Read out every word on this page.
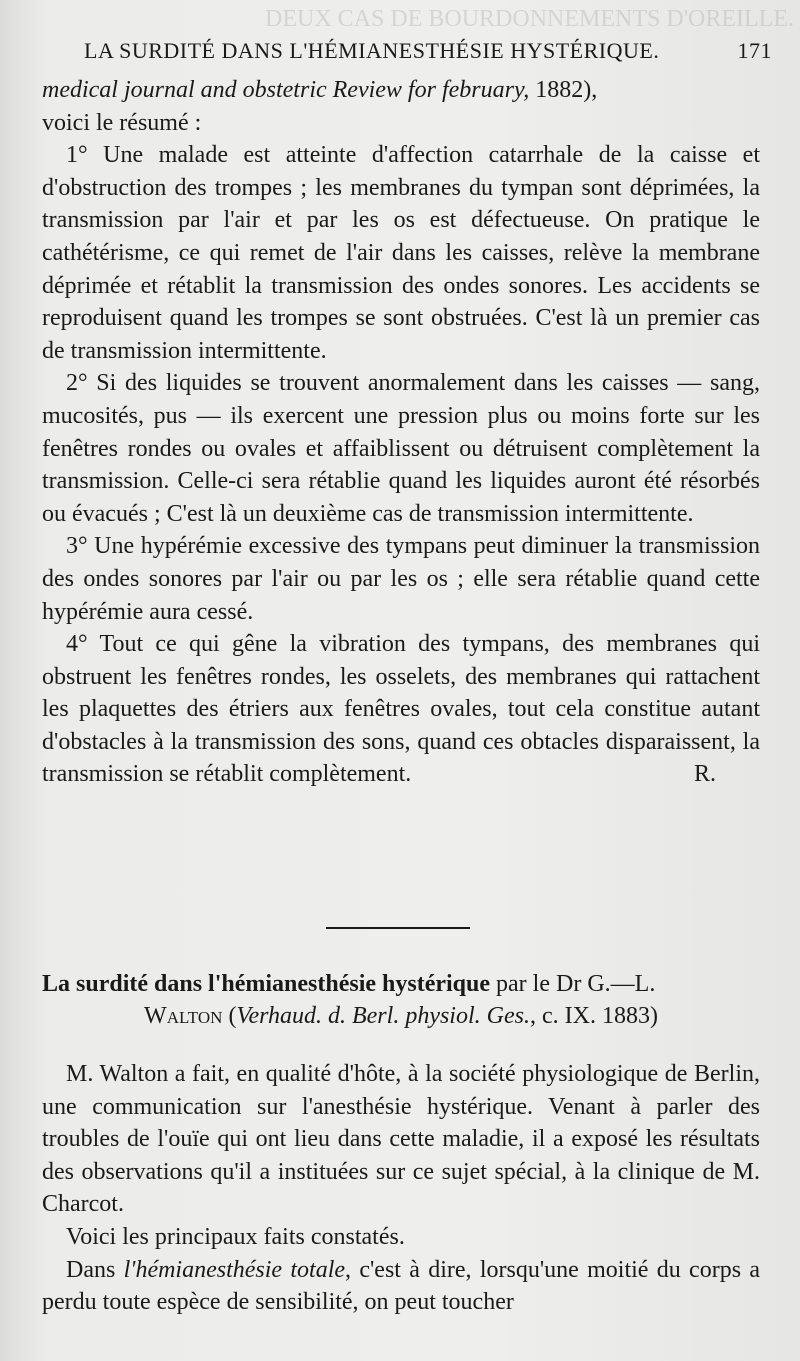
DEUX CAS DE BOURDONNEMENTS D'OREILLE.
LA SURDITÉ DANS L'HÉMIANESTHÉSIE HYSTÉRIQUE.	171

medical journal and obstetric Review for february, 1882),

voici le résumé :

1° Une malade est atteinte d'affection catarrhale de la caisse et d'obstruction des trompes ; les membranes du tympan sont déprimées, la transmission par l'air et par les os est défectueuse. On pratique le cathétérisme, ce qui remet de l'air dans les caisses, relève la membrane déprimée et rétablit la transmission des ondes sonores. Les accidents se reproduisent quand les trompes se sont obstruées. C'est là un premier cas de transmission intermittente.

2° Si des liquides se trouvent anormalement dans les caisses — sang, mucosités, pus — ils exercent une pression plus ou moins forte sur les fenêtres rondes ou ovales et affaiblissent ou détruisent complètement la transmission. Celle-ci sera rétablie quand les liquides auront été résorbés ou évacués ; C'est là un deuxième cas de transmission intermittente.

3° Une hypérémie excessive des tympans peut diminuer la transmission des ondes sonores par l'air ou par les os ; elle sera rétablie quand cette hypérémie aura cessé.

4° Tout ce qui gêne la vibration des tympans, des membranes qui obstruent les fenêtres rondes, les osselets, des membranes qui rattachent les plaquettes des étriers aux fenêtres ovales, tout cela constitue autant d'obstacles à la transmission des sons, quand ces obtacles disparaissent, la transmission se rétablit complètement.	R.

La surdité dans l'hémianesthésie hystérique par le Dr G.—L.
Walton (Verhaud. d. Berl. physiol. Ges., c. IX. 1883)

M. Walton a fait, en qualité d'hôte, à la société physiologique de Berlin, une communication sur l'anesthésie hystérique. Venant à parler des troubles de l'ouïe qui ont lieu dans cette maladie, il a exposé les résultats des observations qu'il a instituées sur ce sujet spécial, à la clinique de M. Charcot.

Voici les principaux faits constatés.

Dans l'hémianesthésie totale, c'est à dire, lorsqu'une moitié du corps a perdu toute espèce de sensibilité, on peut toucher
